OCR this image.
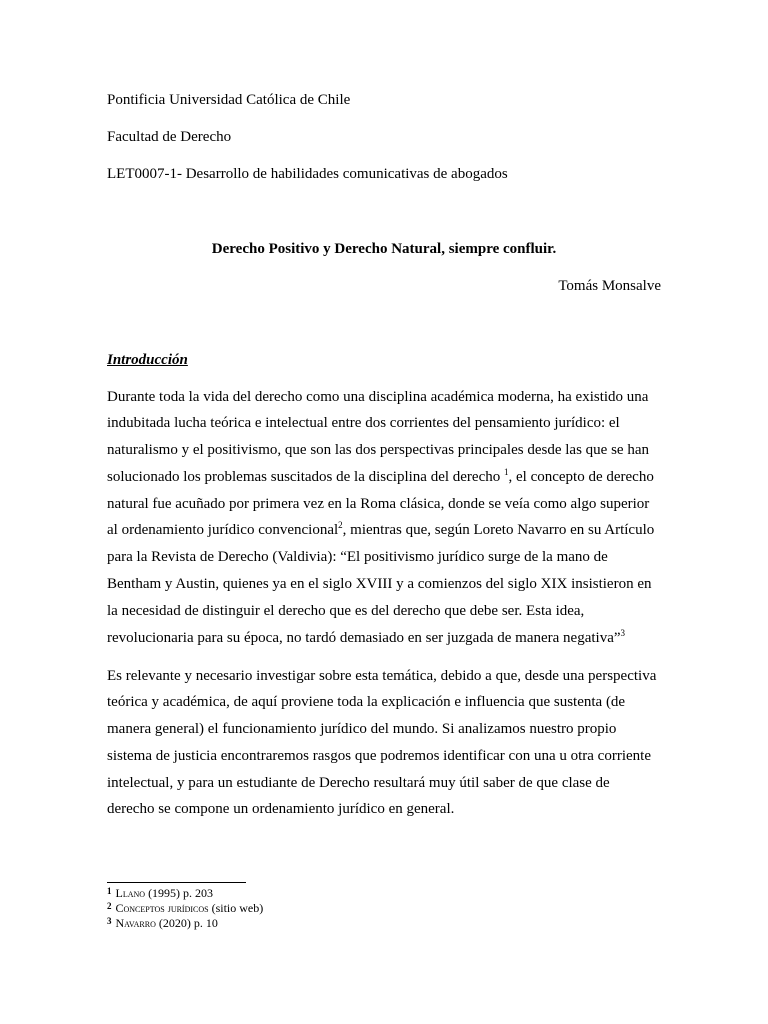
Pontificia Universidad Católica de Chile

Facultad de Derecho

LET0007-1- Desarrollo de habilidades comunicativas de abogados

Derecho Positivo y Derecho Natural, siempre confluir.

Tomás Monsalve

Introducción

Durante toda la vida del derecho como una disciplina académica moderna, ha existido una
indubitada lucha teórica e intelectual entre dos corrientes del pensamiento jurídico: el
naturalismo y el positivismo, que son las dos perspectivas principales desde las que se han
solucionado los problemas suscitados de la disciplina del derecho $^1$, el concepto de derecho
natural fue acuñado por primera vez en la Roma clásica, donde se veía como algo superior
al ordenamiento jurídico convencional$^2$, mientras que, según Loreto Navarro en su Artículo
para la Revista de Derecho (Valdivia): “El positivismo jurídico surge de la mano de
Bentham y Austin, quienes ya en el siglo XVIII y a comienzos del siglo XIX insistieron en
la necesidad de distinguir el derecho que es del derecho que debe ser. Esta idea,
revolucionaria para su época, no tardó demasiado en ser juzgada de manera negativa”$^3$
Es relevante y necesario investigar sobre esta temática, debido a que, desde una perspectiva
teórica y académica, de aquí proviene toda la explicación e influencia que sustenta (de
manera general) el funcionamiento jurídico del mundo. Si analizamos nuestro propio
sistema de justicia encontraremos rasgos que podremos identificar con una u otra corriente
intelectual, y para un estudiante de Derecho resultará muy útil saber de que clase de
derecho se compone un ordenamiento jurídico en general.
$^1$ Llano (1995) p. 203
$^2$ Conceptos jurídicos (sitio web)
$^3$ Navarro (2020) p. 10
